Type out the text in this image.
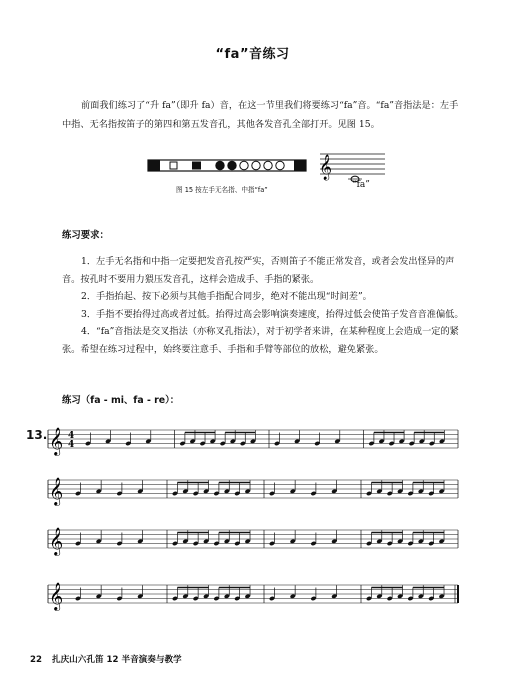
“fa”音练习
前面我们练习了“升 fa”（即升 fa）音，在这一节里我们将要练习“fa”音。“fa”音指法是：左手中指、无名指按笛子的第四和第五发音孔，其他各发音孔全部打开。见图 15。
𝄞
图 15 按左手无名指、中指“fa”	“fa”
练习要求：

1．左手无名指和中指一定要把发音孔按严实，否则笛子不能正常发音，或者会发出怪异的声音。按孔时不要用力猥压发音孔，这样会造成手、手指的紧张。

2．手指抬起、按下必须与其他手指配合同步，绝对不能出现“时间差”。

3．手指不要抬得过高或者过低。抬得过高会影响演奏速度，抬得过低会使笛子发音音准偏低。

4．“fa”音指法是交叉指法（亦称叉孔指法），对于初学者来讲，在某种程度上会造成一定的紧张。希望在练习过程中，始终要注意手、手指和手臂等部位的放松，避免紧张。

练习（fa - mi、fa - re）：
13. 𝄞 4
4
𝄞
𝄞
𝄞
22 扎庆山六孔笛 12 半音演奏与教学
